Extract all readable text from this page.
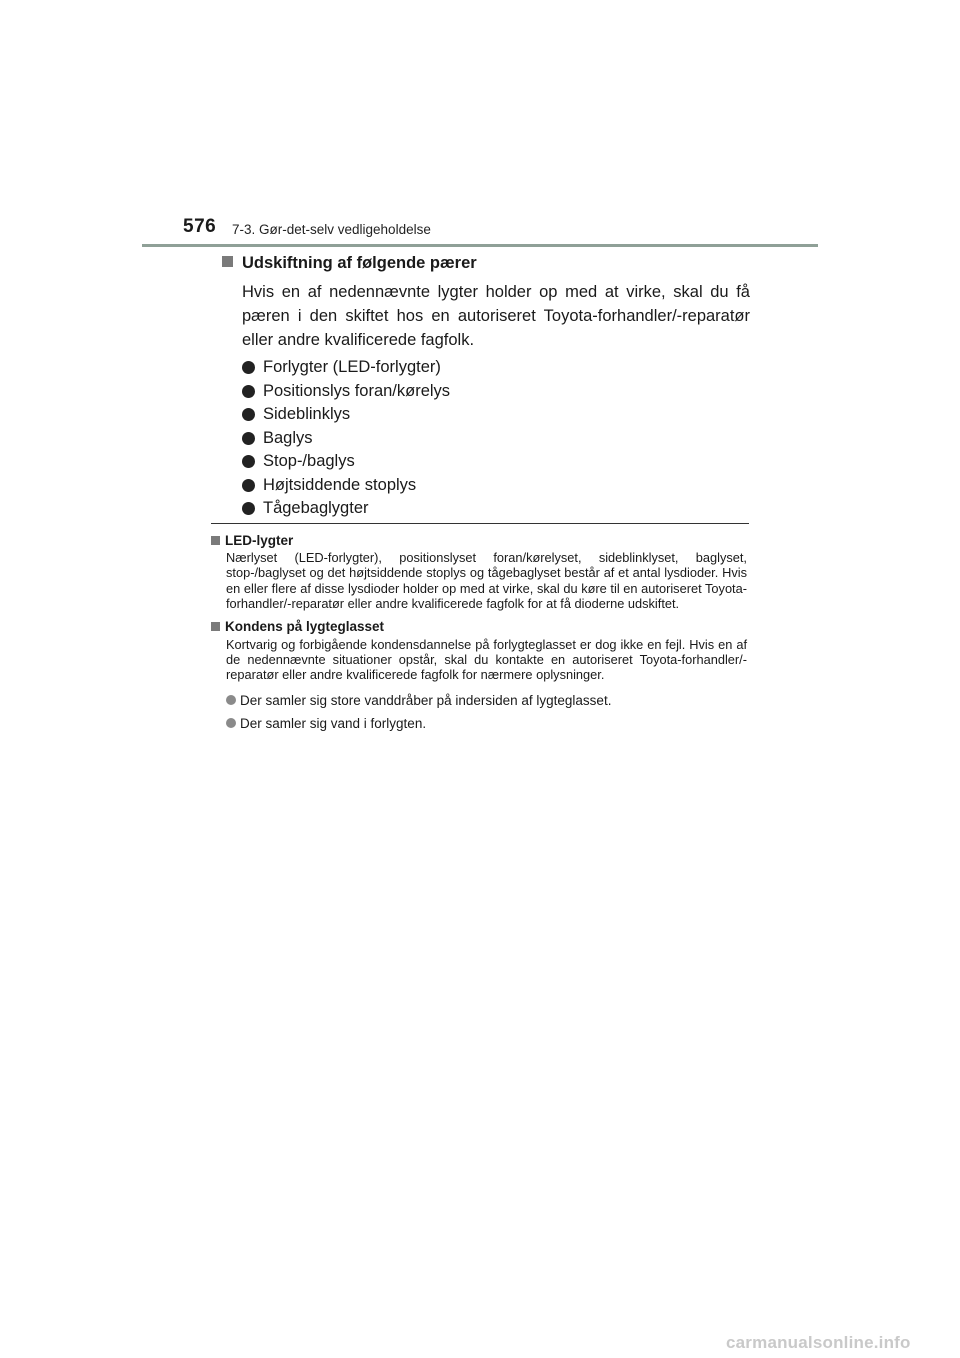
576 7-3. Gør-det-selv vedligeholdelse
Udskiftning af følgende pærer

Hvis en af nedennævnte lygter holder op med at virke, skal du få pæren i den skiftet hos en autoriseret Toyota-forhandler/-reparatør eller andre kvalificerede fagfolk.

Forlygter (LED-forlygter)
Positionslys foran/kørelys
Sideblinklys
Baglys
Stop-/baglys
Højtsiddende stoplys
Tågebaglygter
LED-lygter
Nærlyset (LED-forlygter), positionslyset foran/kørelyset, sideblinklyset, baglyset, stop-/baglyset og det højtsiddende stoplys og tågebaglyset består af et antal lysdioder. Hvis en eller flere af disse lysdioder holder op med at virke, skal du køre til en autoriseret Toyota-forhandler/-reparatør eller andre kvalificerede fagfolk for at få dioderne udskiftet.
Kondens på lygteglasset
Kortvarig og forbigående kondensdannelse på forlygteglasset er dog ikke en fejl. Hvis en af de nedennævnte situationer opstår, skal du kontakte en autoriseret Toyota-forhandler/-reparatør eller andre kvalificerede fagfolk for nærmere oplysninger.
Der samler sig store vanddråber på indersiden af lygteglasset.
Der samler sig vand i forlygten.
carmanualsonline.info
